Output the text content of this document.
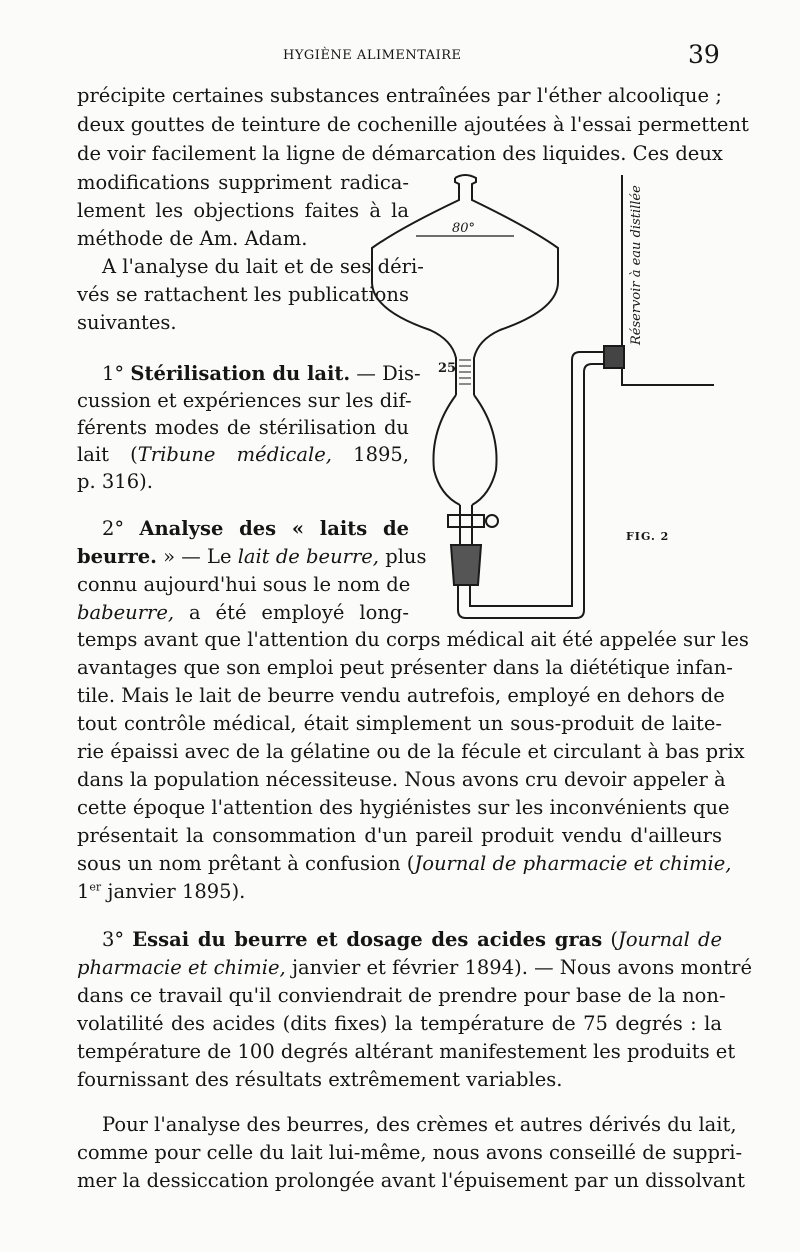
HYGIÈNE ALIMENTAIRE	39
précipite certaines substances entraînées par l'éther alcoolique ;
deux gouttes de teinture de cochenille ajoutées à l'essai permettent
de voir facilement la ligne de démarcation des liquides. Ces deux
modifications suppriment radica-
lement les objections faites à la
méthode de Am. Adam.
A l'analyse du lait et de ses déri-
vés se rattachent les publications
suivantes.
1° Stérilisation du lait. — Dis-
cussion et expériences sur les dif-
férents modes de stérilisation du
lait (Tribune médicale, 1895,
p. 316).
2° Analyse des « laits de
beurre. » — Le lait de beurre, plus
connu aujourd'hui sous le nom de
babeurre, a été employé long-
temps avant que l'attention du corps médical ait été appelée sur les
avantages que son emploi peut présenter dans la diététique infan-
tile. Mais le lait de beurre vendu autrefois, employé en dehors de
tout contrôle médical, était simplement un sous-produit de laite-
rie épaissi avec de la gélatine ou de la fécule et circulant à bas prix
dans la population nécessiteuse. Nous avons cru devoir appeler à
cette époque l'attention des hygiénistes sur les inconvénients que
présentait la consommation d'un pareil produit vendu d'ailleurs
sous un nom prêtant à confusion (Journal de pharmacie et chimie,
1er janvier 1895).
3° Essai du beurre et dosage des acides gras (Journal de
pharmacie et chimie, janvier et février 1894). — Nous avons montré
dans ce travail qu'il conviendrait de prendre pour base de la non-
volatilité des acides (dits fixes) la température de 75 degrés : la
température de 100 degrés altérant manifestement les produits et
fournissant des résultats extrêmement variables.
Pour l'analyse des beurres, des crèmes et autres dérivés du lait,
comme pour celle du lait lui-même, nous avons conseillé de suppri-
mer la dessiccation prolongée avant l'épuisement par un dissolvant
80°
25
Réservoir à eau distillée
FIG. 2
